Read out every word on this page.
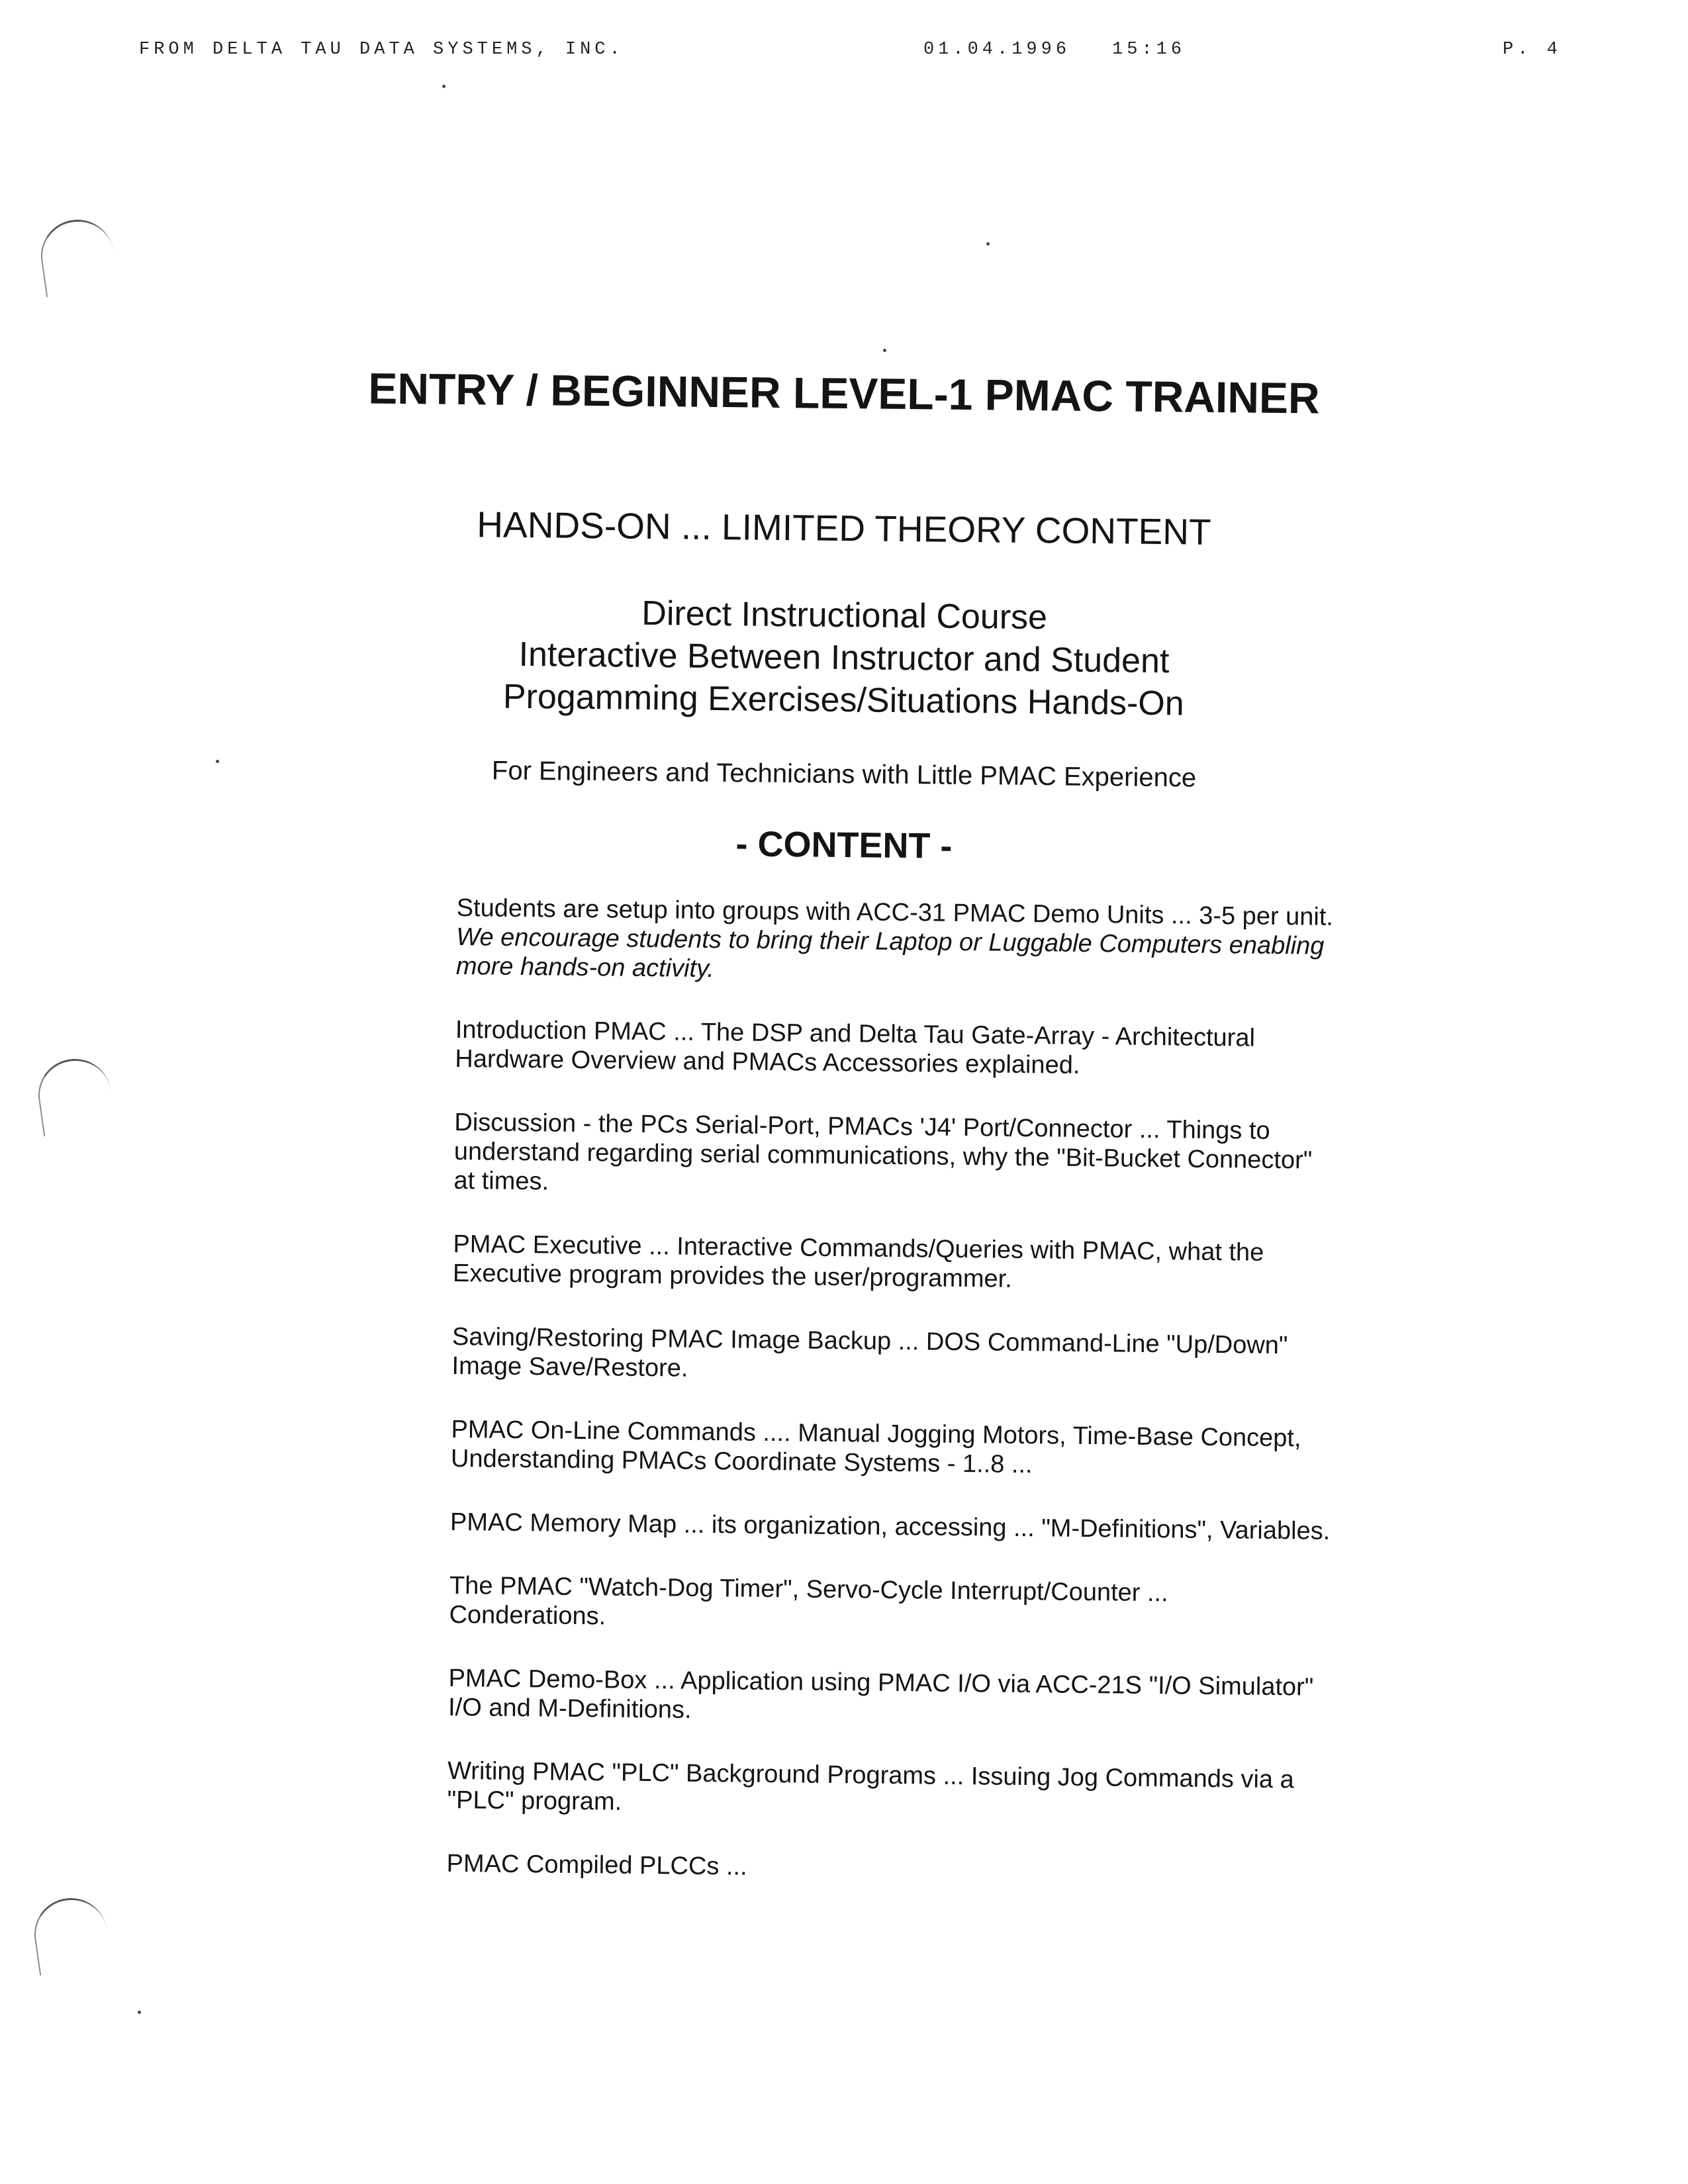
FROM DELTA TAU DATA SYSTEMS, INC.	01.04.1996 15:16	P. 4
ENTRY / BEGINNER LEVEL-1 PMAC TRAINER
HANDS-ON ... LIMITED THEORY CONTENT
Direct Instructional Course
Interactive Between Instructor and Student
Progamming Exercises/Situations Hands-On

For Engineers and Technicians with Little PMAC Experience

- CONTENT -

Students are setup into groups with ACC-31 PMAC Demo Units ... 3-5 per unit. We encourage students to bring their Laptop or Luggable Computers enabling more hands-on activity.

Introduction PMAC ... The DSP and Delta Tau Gate-Array - Architectural Hardware Overview and PMACs Accessories explained.

Discussion - the PCs Serial-Port, PMACs 'J4' Port/Connector ... Things to understand regarding serial communications, why the "Bit-Bucket Connector" at times.

PMAC Executive ... Interactive Commands/Queries with PMAC, what the Executive program provides the user/programmer.

Saving/Restoring PMAC Image Backup ... DOS Command-Line "Up/Down" Image Save/Restore.

PMAC On-Line Commands .... Manual Jogging Motors, Time-Base Concept, Understanding PMACs Coordinate Systems - 1..8 ...

PMAC Memory Map ... its organization, accessing ... "M-Definitions", Variables.

The PMAC "Watch-Dog Timer", Servo-Cycle Interrupt/Counter ... Conderations.

PMAC Demo-Box ... Application using PMAC I/O via ACC-21S "I/O Simulator" I/O and M-Definitions.

Writing PMAC "PLC" Background Programs ... Issuing Jog Commands via a "PLC" program.

PMAC Compiled PLCCs ...
